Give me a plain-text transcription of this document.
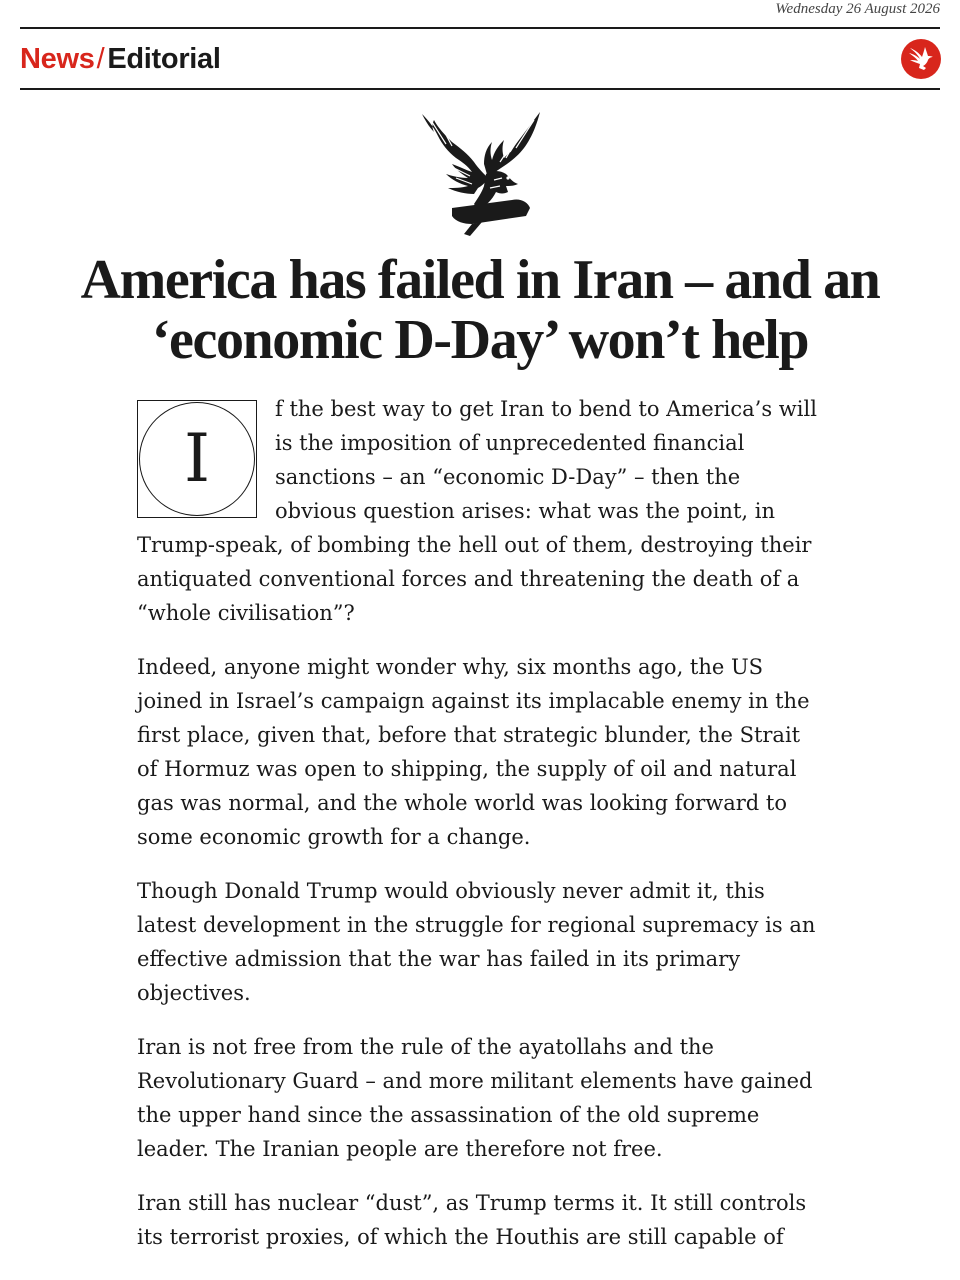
Wednesday 26 August 2026
News / Editorial
America has failed in Iran – and an ‘economic D-Day’ won’t help

I
f the best way to get Iran to bend to America’s will is the imposition of unprecedented financial sanctions – an “economic D-Day” – then the obvious question arises: what was the point, in Trump-speak, of bombing the hell out of them, destroying their antiquated conventional forces and threatening the death of a “whole civilisation”?

Indeed, anyone might wonder why, six months ago, the US joined in Israel’s campaign against its implacable enemy in the first place, given that, before that strategic blunder, the Strait of Hormuz was open to shipping, the supply of oil and natural gas was normal, and the whole world was looking forward to some economic growth for a change.

Though Donald Trump would obviously never admit it, this latest development in the struggle for regional supremacy is an effective admission that the war has failed in its primary objectives.

Iran is not free from the rule of the ayatollahs and the Revolutionary Guard – and more militant elements have gained the upper hand since the assassination of the old supreme leader. The Iranian people are therefore not free.

Iran still has nuclear “dust”, as Trump terms it. It still controls its terrorist proxies, of which the Houthis are still capable of
